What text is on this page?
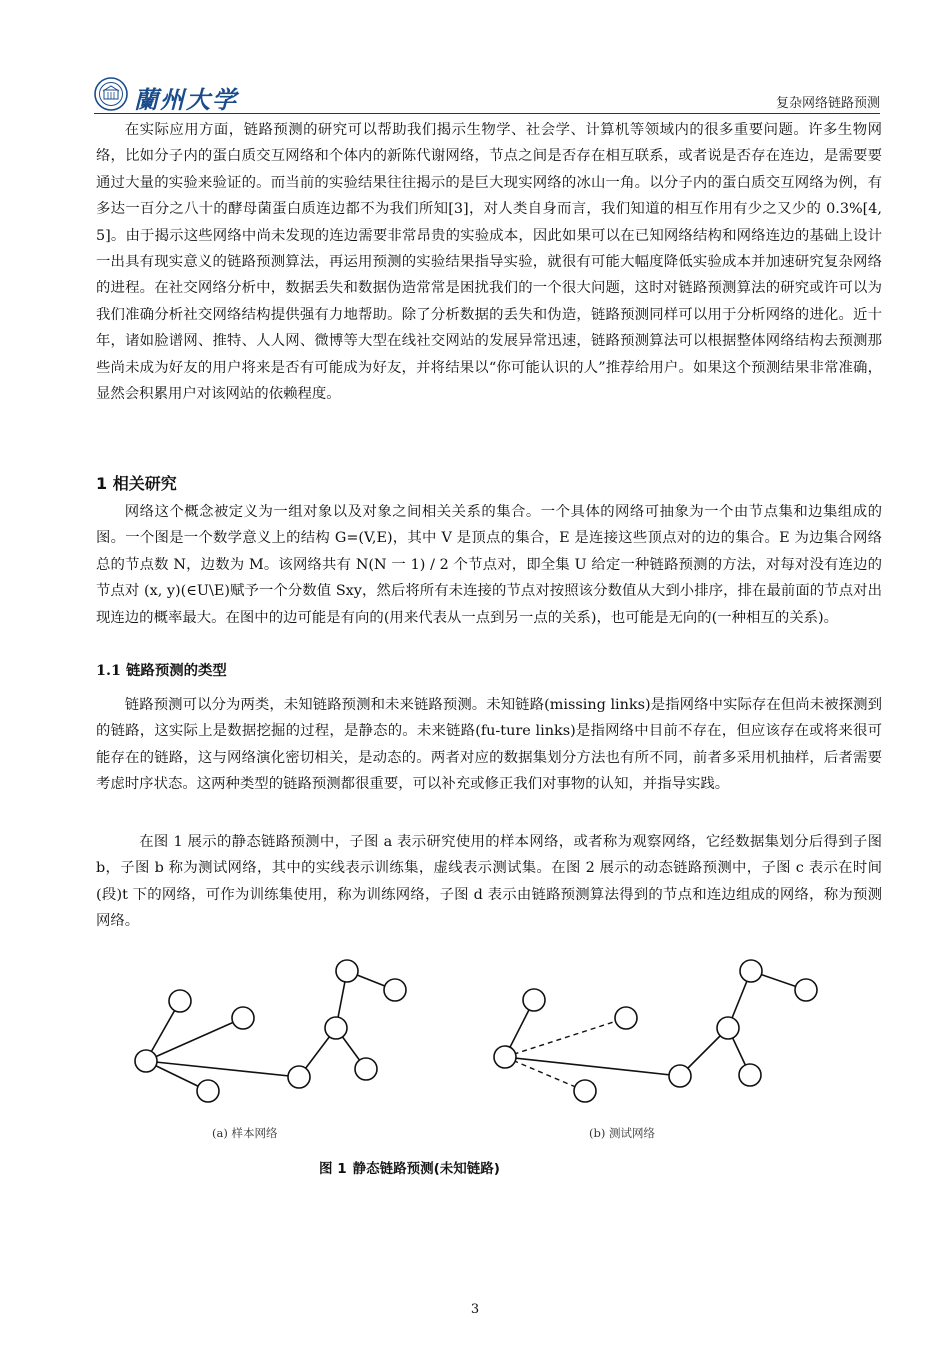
蘭州大学	复杂网络链路预测

在实际应用方面，链路预测的研究可以帮助我们揭示生物学、社会学、计算机等领域内的很多重要问题。许多生物网络，比如分子内的蛋白质交互网络和个体内的新陈代谢网络，节点之间是否存在相互联系，或者说是否存在连边，是需要要通过大量的实验来验证的。而当前的实验结果往往揭示的是巨大现实网络的冰山一角。以分子内的蛋白质交互网络为例，有多达一百分之八十的酵母菌蛋白质连边都不为我们所知[3]，对人类自身而言，我们知道的相互作用有少之又少的 0.3%[4, 5]。由于揭示这些网络中尚未发现的连边需要非常昂贵的实验成本，因此如果可以在已知网络结构和网络连边的基础上设计一出具有现实意义的链路预测算法，再运用预测的实验结果指导实验，就很有可能大幅度降低实验成本并加速研究复杂网络的进程。在社交网络分析中，数据丢失和数据伪造常常是困扰我们的一个很大问题，这时对链路预测算法的研究或许可以为我们准确分析社交网络结构提供强有力地帮助。除了分析数据的丢失和伪造，链路预测同样可以用于分析网络的进化。近十年，诸如脸谱网、推特、人人网、微博等大型在线社交网站的发展异常迅速，链路预测算法可以根据整体网络结构去预测那些尚未成为好友的用户将来是否有可能成为好友，并将结果以“你可能认识的人”推荐给用户。如果这个预测结果非常准确，显然会积累用户对该网站的依赖程度。

1 相关研究

网络这个概念被定义为一组对象以及对象之间相关关系的集合。一个具体的网络可抽象为一个由节点集和边集组成的图。一个图是一个数学意义上的结构 G=(V,E)，其中 V 是顶点的集合，E 是连接这些顶点对的边的集合。E 为边集合网络总的节点数 N，边数为 M。该网络共有 N(N 一 1) / 2 个节点对，即全集 U 给定一种链路预测的方法，对每对没有连边的节点对 (x, y)(∈U\E)赋予一个分数值 Sxy，然后将所有未连接的节点对按照该分数值从大到小排序，排在最前面的节点对出现连边的概率最大。在图中的边可能是有向的(用来代表从一点到另一点的关系)，也可能是无向的(一种相互的关系)。

1.1 链路预测的类型

链路预测可以分为两类，未知链路预测和未来链路预测。未知链路(missing links)是指网络中实际存在但尚未被探测到的链路，这实际上是数据挖掘的过程，是静态的。未来链路(fu-ture links)是指网络中目前不存在，但应该存在或将来很可能存在的链路，这与网络演化密切相关，是动态的。两者对应的数据集划分方法也有所不同，前者多采用机抽样，后者需要考虑时序状态。这两种类型的链路预测都很重要，可以补充或修正我们对事物的认知，并指导实践。

在图 1 展示的静态链路预测中，子图 a 表示研究使用的样本网络，或者称为观察网络，它经数据集划分后得到子图 b，子图 b 称为测试网络，其中的实线表示训练集，虚线表示测试集。在图 2 展示的动态链路预测中，子图 c 表示在时间(段)t 下的网络，可作为训练集使用，称为训练网络，子图 d 表示由链路预测算法得到的节点和连边组成的网络，称为预测网络。

(a) 样本网络	(b) 测试网络
图 1 静态链路预测(未知链路)
3
